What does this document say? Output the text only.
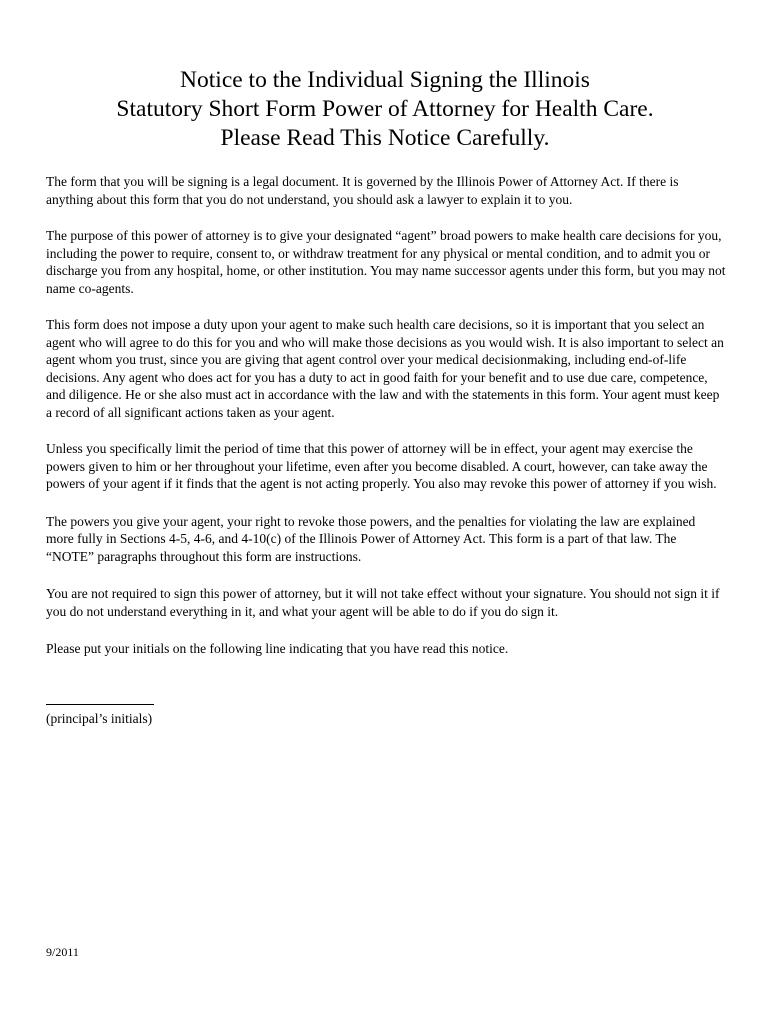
Notice to the Individual Signing the Illinois
Statutory Short Form Power of Attorney for Health Care.
Please Read This Notice Carefully.

The form that you will be signing is a legal document. It is governed by the Illinois Power of Attorney Act. If there is anything about this form that you do not understand, you should ask a lawyer to explain it to you.

The purpose of this power of attorney is to give your designated “agent” broad powers to make health care decisions for you, including the power to require, consent to, or withdraw treatment for any physical or mental condition, and to admit you or discharge you from any hospital, home, or other institution. You may name successor agents under this form, but you may not name co-agents.

This form does not impose a duty upon your agent to make such health care decisions, so it is important that you select an agent who will agree to do this for you and who will make those decisions as you would wish. It is also important to select an agent whom you trust, since you are giving that agent control over your medical decisionmaking, including end-of-life decisions. Any agent who does act for you has a duty to act in good faith for your benefit and to use due care, competence, and diligence. He or she also must act in accordance with the law and with the statements in this form. Your agent must keep a record of all significant actions taken as your agent.

Unless you specifically limit the period of time that this power of attorney will be in effect, your agent may exercise the powers given to him or her throughout your lifetime, even after you become disabled. A court, however, can take away the powers of your agent if it finds that the agent is not acting properly. You also may revoke this power of attorney if you wish.

The powers you give your agent, your right to revoke those powers, and the penalties for violating the law are explained more fully in Sections 4-5, 4-6, and 4-10(c) of the Illinois Power of Attorney Act. This form is a part of that law. The “NOTE” paragraphs throughout this form are instructions.

You are not required to sign this power of attorney, but it will not take effect without your signature. You should not sign it if you do not understand everything in it, and what your agent will be able to do if you do sign it.

Please put your initials on the following line indicating that you have read this notice.

(principal’s initials)
9/2011
